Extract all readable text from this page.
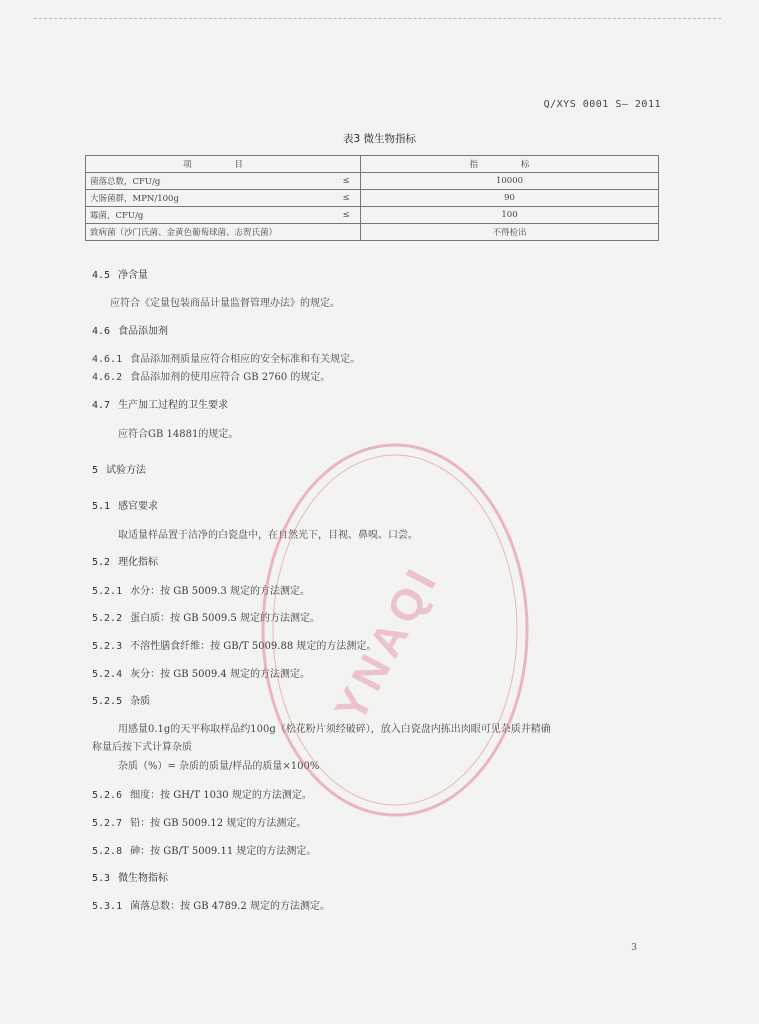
Q/XYS 0001 S— 2011
表3 微生物指标
项 目		指 标
菌落总数，CFU/g	≤	10000
大肠菌群，MPN/100g	≤	90
霉菌，CFU/g	≤	100
致病菌（沙门氏菌、金黄色葡萄球菌、志贺氏菌）		不得检出
4.5 净含量
应符合《定量包装商品计量监督管理办法》的规定。
4.6 食品添加剂
4.6.1 食品添加剂质量应符合相应的安全标准和有关规定。
4.6.2 食品添加剂的使用应符合 GB 2760 的规定。
4.7 生产加工过程的卫生要求
应符合GB 14881的规定。
5 试验方法
5.1 感官要求
取适量样品置于洁净的白瓷盘中，在自然光下，目视、鼻嗅、口尝。
5.2 理化指标
5.2.1 水分：按 GB 5009.3 规定的方法测定。
5.2.2 蛋白质：按 GB 5009.5 规定的方法测定。
5.2.3 不溶性膳食纤维：按 GB/T 5009.88 规定的方法测定。
5.2.4 灰分：按 GB 5009.4 规定的方法测定。
5.2.5 杂质
用感量0.1g的天平称取样品约100g（松花粉片须经破碎），放入白瓷盘内拣出肉眼可见杂质并精确
称量后按下式计算杂质
杂质（%）= 杂质的质量/样品的质量×100%
5.2.6 细度：按 GH/T 1030 规定的方法测定。
5.2.7 铅：按 GB 5009.12 规定的方法测定。
5.2.8 砷：按 GB/T 5009.11 规定的方法测定。
5.3 微生物指标
5.3.1 菌落总数：按 GB 4789.2 规定的方法测定。
YNAQI
3
